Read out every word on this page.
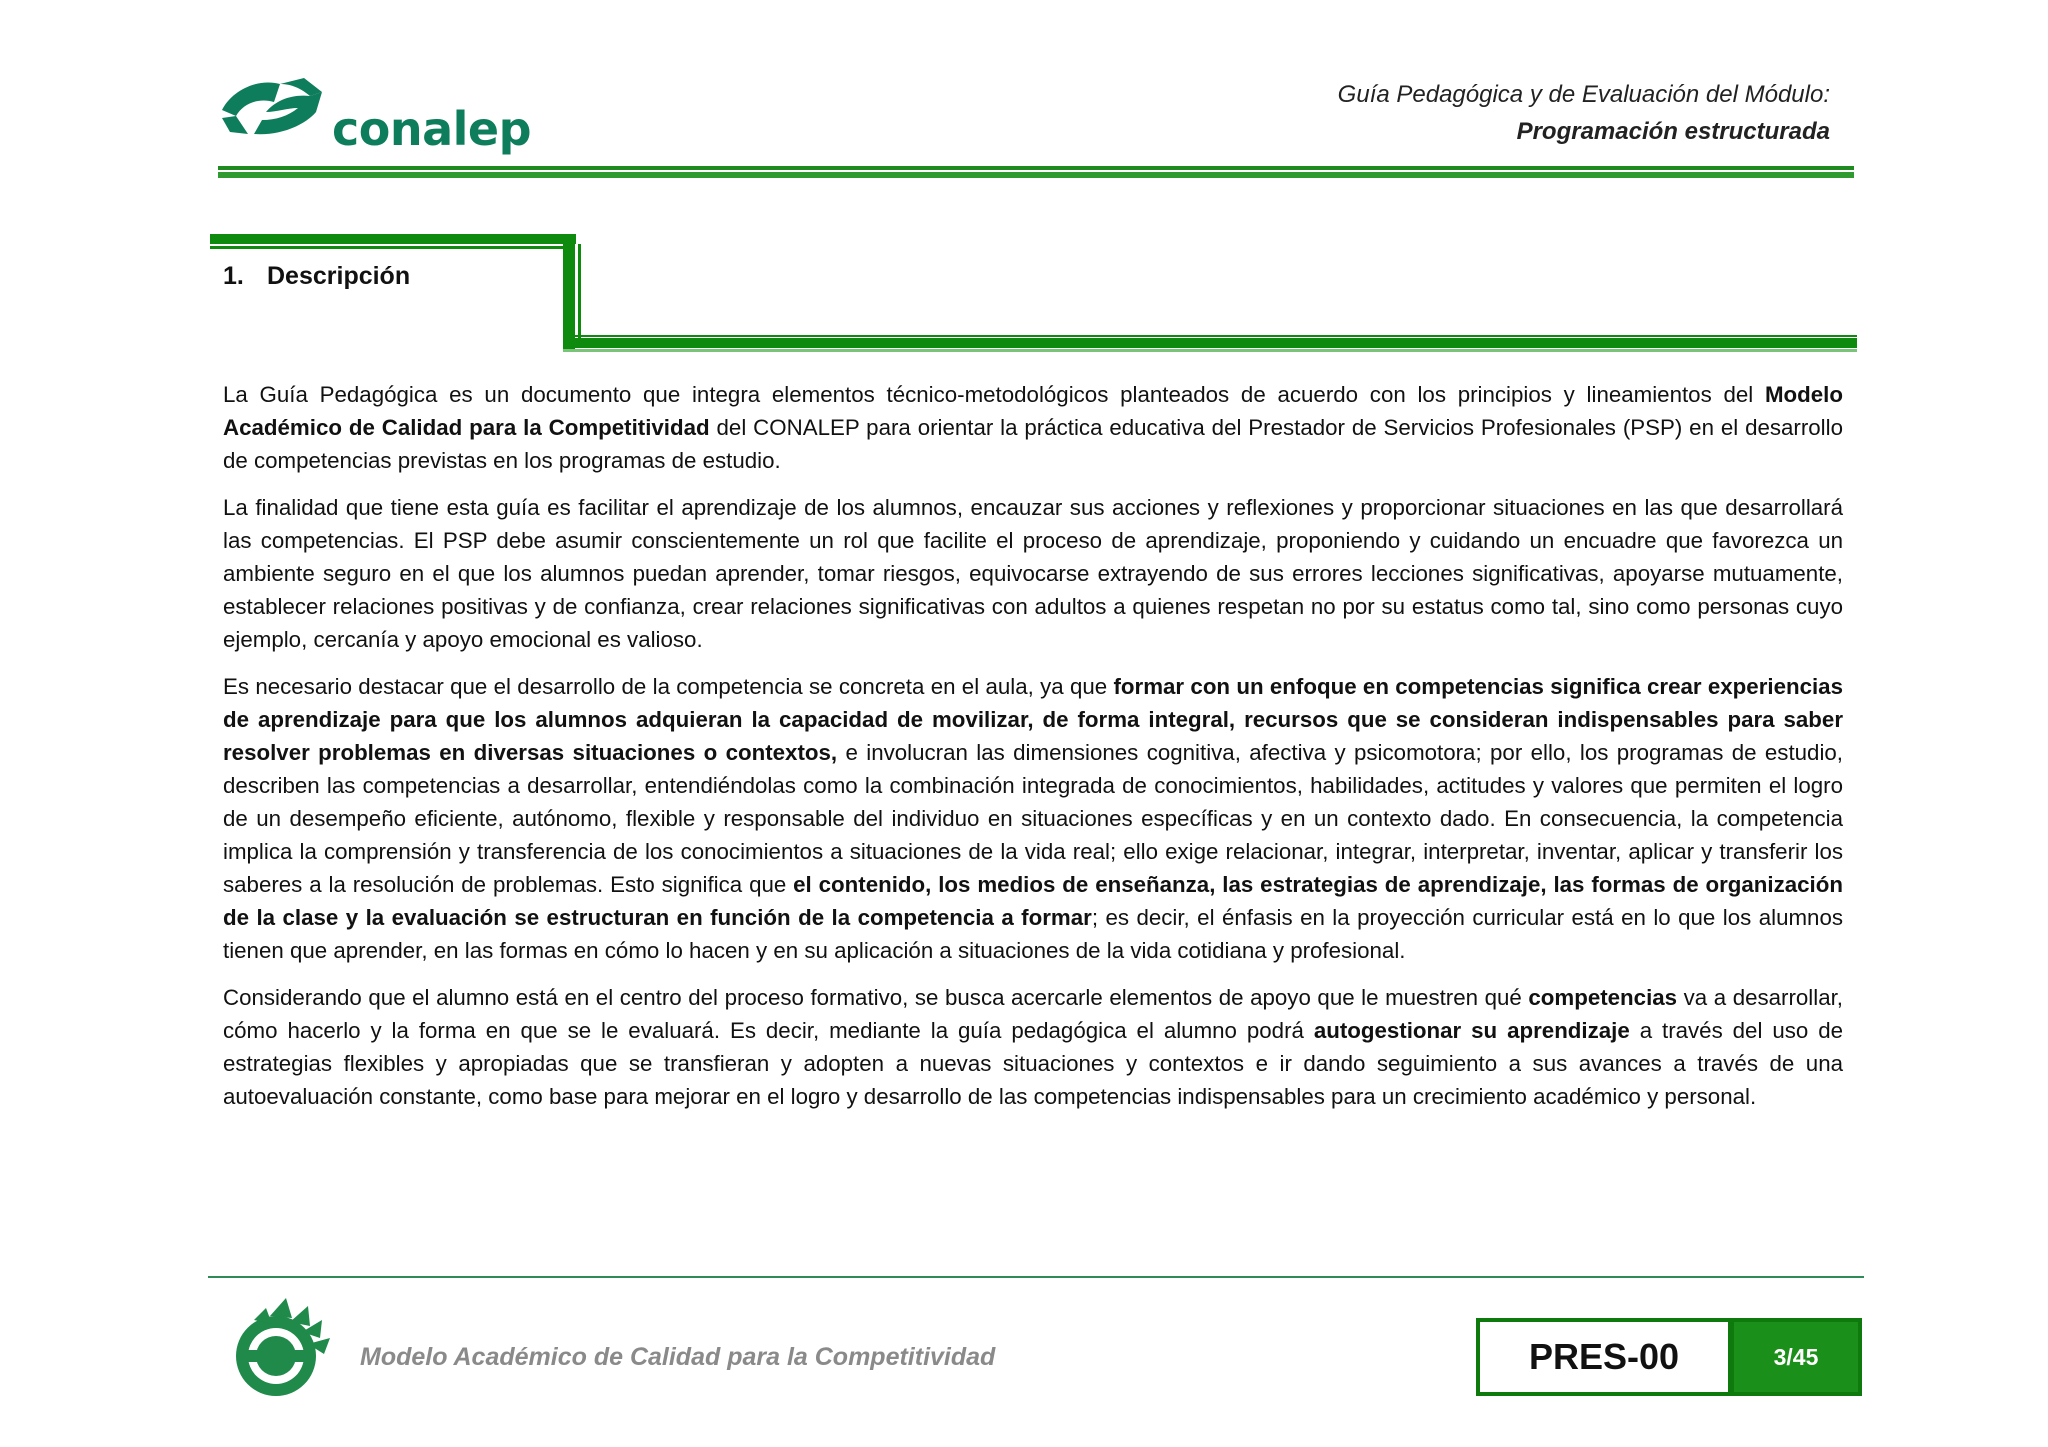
conalep
Guía Pedagógica y de Evaluación del Módulo:
Programación estructurada
1. Descripción

La Guía Pedagógica es un documento que integra elementos técnico-metodológicos planteados de acuerdo con los principios y lineamientos del Modelo Académico de Calidad para la Competitividad del CONALEP para orientar la práctica educativa del Prestador de Servicios Profesionales (PSP) en el desarrollo de competencias previstas en los programas de estudio.

La finalidad que tiene esta guía es facilitar el aprendizaje de los alumnos, encauzar sus acciones y reflexiones y proporcionar situaciones en las que desarrollará las competencias. El PSP debe asumir conscientemente un rol que facilite el proceso de aprendizaje, proponiendo y cuidando un encuadre que favorezca un ambiente seguro en el que los alumnos puedan aprender, tomar riesgos, equivocarse extrayendo de sus errores lecciones significativas, apoyarse mutuamente, establecer relaciones positivas y de confianza, crear relaciones significativas con adultos a quienes respetan no por su estatus como tal, sino como personas cuyo ejemplo, cercanía y apoyo emocional es valioso.

Es necesario destacar que el desarrollo de la competencia se concreta en el aula, ya que formar con un enfoque en competencias significa crear experiencias de aprendizaje para que los alumnos adquieran la capacidad de movilizar, de forma integral, recursos que se consideran indispensables para saber resolver problemas en diversas situaciones o contextos, e involucran las dimensiones cognitiva, afectiva y psicomotora; por ello, los programas de estudio, describen las competencias a desarrollar, entendiéndolas como la combinación integrada de conocimientos, habilidades, actitudes y valores que permiten el logro de un desempeño eficiente, autónomo, flexible y responsable del individuo en situaciones específicas y en un contexto dado. En consecuencia, la competencia implica la comprensión y transferencia de los conocimientos a situaciones de la vida real; ello exige relacionar, integrar, interpretar, inventar, aplicar y transferir los saberes a la resolución de problemas. Esto significa que el contenido, los medios de enseñanza, las estrategias de aprendizaje, las formas de organización de la clase y la evaluación se estructuran en función de la competencia a formar; es decir, el énfasis en la proyección curricular está en lo que los alumnos tienen que aprender, en las formas en cómo lo hacen y en su aplicación a situaciones de la vida cotidiana y profesional.

Considerando que el alumno está en el centro del proceso formativo, se busca acercarle elementos de apoyo que le muestren qué competencias va a desarrollar, cómo hacerlo y la forma en que se le evaluará. Es decir, mediante la guía pedagógica el alumno podrá autogestionar su aprendizaje a través del uso de estrategias flexibles y apropiadas que se transfieran y adopten a nuevas situaciones y contextos e ir dando seguimiento a sus avances a través de una autoevaluación constante, como base para mejorar en el logro y desarrollo de las competencias indispensables para un crecimiento académico y personal.

Modelo Académico de Calidad para la Competitividad	PRES-00	3/45
